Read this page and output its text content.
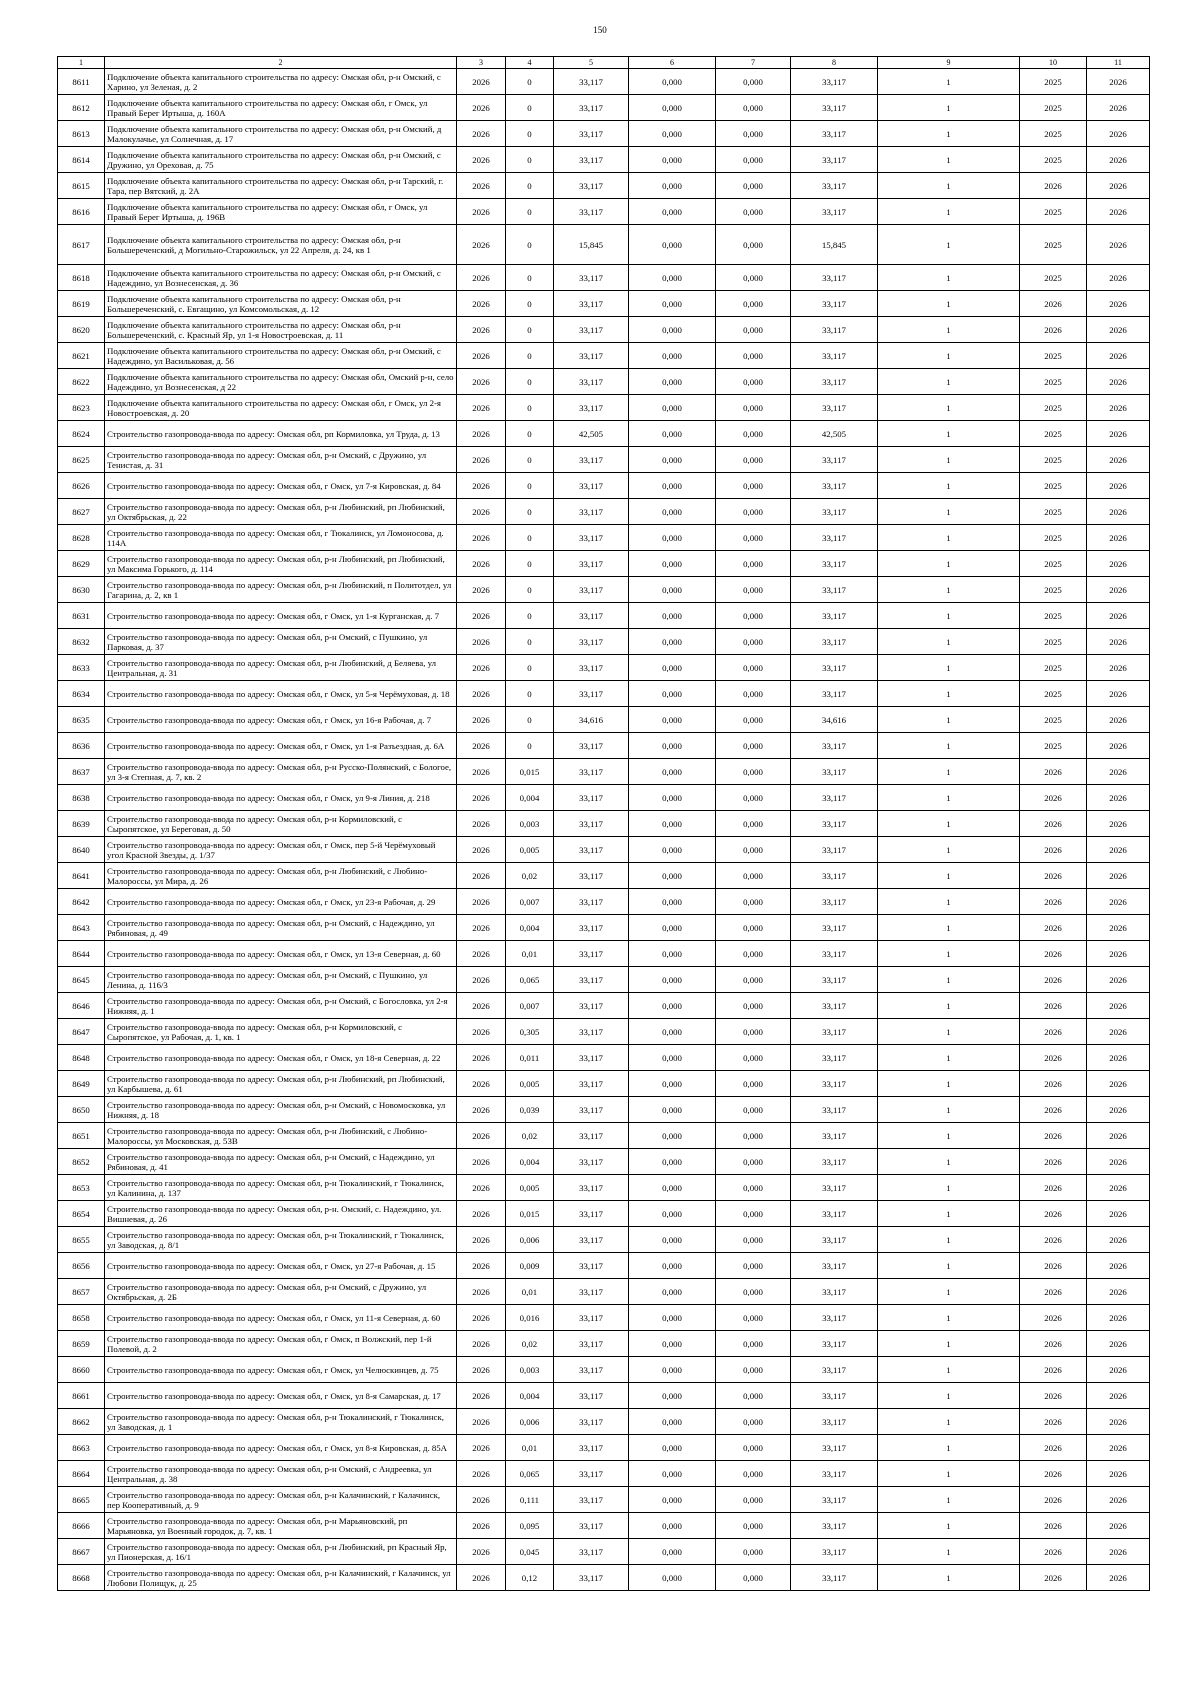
150
1	2	3	4	5	6	7	8	9	10	11
8611	Подключение объекта капитального строительства по адресу: Омская обл, р-н Омский, с Харино, ул Зеленая, д. 2	2026	0	33,117	0,000	0,000	33,117	1	2025	2026
8612	Подключение объекта капитального строительства по адресу: Омская обл, г Омск, ул Правый Берег Иртыша, д. 160А	2026	0	33,117	0,000	0,000	33,117	1	2025	2026
8613	Подключение объекта капитального строительства по адресу: Омская обл, р-н Омский, д Малокулачье, ул Солнечная, д. 17	2026	0	33,117	0,000	0,000	33,117	1	2025	2026
8614	Подключение объекта капитального строительства по адресу: Омская обл, р-н Омский, с Дружино, ул Ореховая, д. 75	2026	0	33,117	0,000	0,000	33,117	1	2025	2026
8615	Подключение объекта капитального строительства по адресу: Омская обл, р-н Тарский, г. Тара, пер Вятский, д. 2А	2026	0	33,117	0,000	0,000	33,117	1	2026	2026
8616	Подключение объекта капитального строительства по адресу: Омская обл, г Омск, ул Правый Берег Иртыша, д. 196В	2026	0	33,117	0,000	0,000	33,117	1	2025	2026
8617	Подключение объекта капитального строительства по адресу: Омская обл, р-н Большереченский, д Могильно-Старожильск, ул 22 Апреля, д. 24, кв 1	2026	0	15,845	0,000	0,000	15,845	1	2025	2026
8618	Подключение объекта капитального строительства по адресу: Омская обл, р-н Омский, с Надеждино, ул Вознесенская, д. 36	2026	0	33,117	0,000	0,000	33,117	1	2025	2026
8619	Подключение объекта капитального строительства по адресу: Омская обл, р-н Большереченский, с. Евгащино, ул Комсомольская, д. 12	2026	0	33,117	0,000	0,000	33,117	1	2026	2026
8620	Подключение объекта капитального строительства по адресу: Омская обл, р-н Большереченский, с. Красный Яр, ул 1-я Новостроевская, д. 11	2026	0	33,117	0,000	0,000	33,117	1	2026	2026
8621	Подключение объекта капитального строительства по адресу: Омская обл, р-н Омский, с Надеждино, ул Васильковая, д. 56	2026	0	33,117	0,000	0,000	33,117	1	2025	2026
8622	Подключение объекта капитального строительства по адресу: Омская обл, Омский р-н, село Надеждино, ул Вознесенская, д 22	2026	0	33,117	0,000	0,000	33,117	1	2025	2026
8623	Подключение объекта капитального строительства по адресу: Омская обл, г Омск, ул 2-я Новостроевская, д. 20	2026	0	33,117	0,000	0,000	33,117	1	2025	2026
8624	Строительство газопровода-ввода по адресу: Омская обл, рп Кормиловка, ул Труда, д. 13	2026	0	42,505	0,000	0,000	42,505	1	2025	2026
8625	Строительство газопровода-ввода по адресу: Омская обл, р-н Омский, с Дружино, ул Тенистая, д. 31	2026	0	33,117	0,000	0,000	33,117	1	2025	2026
8626	Строительство газопровода-ввода по адресу: Омская обл, г Омск, ул 7-я Кировская, д. 84	2026	0	33,117	0,000	0,000	33,117	1	2025	2026
8627	Строительство газопровода-ввода по адресу: Омская обл, р-н Любинский, рп Любинский, ул Октябрьская, д. 22	2026	0	33,117	0,000	0,000	33,117	1	2025	2026
8628	Строительство газопровода-ввода по адресу: Омская обл, г Тюкалинск, ул Ломоносова, д. 114А	2026	0	33,117	0,000	0,000	33,117	1	2025	2026
8629	Строительство газопровода-ввода по адресу: Омская обл, р-н Любинский, рп Любинский, ул Максима Горького, д. 114	2026	0	33,117	0,000	0,000	33,117	1	2025	2026
8630	Строительство газопровода-ввода по адресу: Омская обл, р-н Любинский, п Политотдел, ул Гагарина, д. 2, кв 1	2026	0	33,117	0,000	0,000	33,117	1	2025	2026
8631	Строительство газопровода-ввода по адресу: Омская обл, г Омск, ул 1-я Курганская, д. 7	2026	0	33,117	0,000	0,000	33,117	1	2025	2026
8632	Строительство газопровода-ввода по адресу: Омская обл, р-н Омский, с Пушкино, ул Парковая, д. 37	2026	0	33,117	0,000	0,000	33,117	1	2025	2026
8633	Строительство газопровода-ввода по адресу: Омская обл, р-н Любинский, д Беляева, ул Центральная, д. 31	2026	0	33,117	0,000	0,000	33,117	1	2025	2026
8634	Строительство газопровода-ввода по адресу: Омская обл, г Омск, ул 5-я Черёмуховая, д. 18	2026	0	33,117	0,000	0,000	33,117	1	2025	2026
8635	Строительство газопровода-ввода по адресу: Омская обл, г Омск, ул 16-я Рабочая, д. 7	2026	0	34,616	0,000	0,000	34,616	1	2025	2026
8636	Строительство газопровода-ввода по адресу: Омская обл, г Омск, ул 1-я Разъездная, д. 6А	2026	0	33,117	0,000	0,000	33,117	1	2025	2026
8637	Строительство газопровода-ввода по адресу: Омская обл, р-н Русско-Полянский, с Бологое, ул 3-я Степная, д. 7, кв. 2	2026	0,015	33,117	0,000	0,000	33,117	1	2026	2026
8638	Строительство газопровода-ввода по адресу: Омская обл, г Омск, ул 9-я Линия, д. 218	2026	0,004	33,117	0,000	0,000	33,117	1	2026	2026
8639	Строительство газопровода-ввода по адресу: Омская обл, р-н Кормиловский, с Сыропятское, ул Береговая, д. 50	2026	0,003	33,117	0,000	0,000	33,117	1	2026	2026
8640	Строительство газопровода-ввода по адресу: Омская обл, г Омск, пер 5-й Черёмуховый угол Красной Звезды, д. 1/37	2026	0,005	33,117	0,000	0,000	33,117	1	2026	2026
8641	Строительство газопровода-ввода по адресу: Омская обл, р-н Любинский, с Любино-Малороссы, ул Мира, д. 26	2026	0,02	33,117	0,000	0,000	33,117	1	2026	2026
8642	Строительство газопровода-ввода по адресу: Омская обл, г Омск, ул 23-я Рабочая, д. 29	2026	0,007	33,117	0,000	0,000	33,117	1	2026	2026
8643	Строительство газопровода-ввода по адресу: Омская обл, р-н Омский, с Надеждино, ул Рябиновая, д. 49	2026	0,004	33,117	0,000	0,000	33,117	1	2026	2026
8644	Строительство газопровода-ввода по адресу: Омская обл, г Омск, ул 13-я Северная, д. 60	2026	0,01	33,117	0,000	0,000	33,117	1	2026	2026
8645	Строительство газопровода-ввода по адресу: Омская обл, р-н Омский, с Пушкино, ул Ленина, д. 116/3	2026	0,065	33,117	0,000	0,000	33,117	1	2026	2026
8646	Строительство газопровода-ввода по адресу: Омская обл, р-н Омский, с Богословка, ул 2-я Нижняя, д. 1	2026	0,007	33,117	0,000	0,000	33,117	1	2026	2026
8647	Строительство газопровода-ввода по адресу: Омская обл, р-н Кормиловский, с Сыропятское, ул Рабочая, д. 1, кв. 1	2026	0,305	33,117	0,000	0,000	33,117	1	2026	2026
8648	Строительство газопровода-ввода по адресу: Омская обл, г Омск, ул 18-я Северная, д. 22	2026	0,011	33,117	0,000	0,000	33,117	1	2026	2026
8649	Строительство газопровода-ввода по адресу: Омская обл, р-н Любинский, рп Любинский, ул Карбышева, д. 61	2026	0,005	33,117	0,000	0,000	33,117	1	2026	2026
8650	Строительство газопровода-ввода по адресу: Омская обл, р-н Омский, с Новомосковка, ул Нижняя, д. 18	2026	0,039	33,117	0,000	0,000	33,117	1	2026	2026
8651	Строительство газопровода-ввода по адресу: Омская обл, р-н Любинский, с Любино-Малороссы, ул Московская, д. 53В	2026	0,02	33,117	0,000	0,000	33,117	1	2026	2026
8652	Строительство газопровода-ввода по адресу: Омская обл, р-н Омский, с Надеждино, ул Рябиновая, д. 41	2026	0,004	33,117	0,000	0,000	33,117	1	2026	2026
8653	Строительство газопровода-ввода по адресу: Омская обл, р-н Тюкалинский, г Тюкалинск, ул Калинина, д. 137	2026	0,005	33,117	0,000	0,000	33,117	1	2026	2026
8654	Строительство газопровода-ввода по адресу: Омская обл, р-н. Омский, с. Надеждино, ул. Вишневая, д. 26	2026	0,015	33,117	0,000	0,000	33,117	1	2026	2026
8655	Строительство газопровода-ввода по адресу: Омская обл, р-н Тюкалинский, г Тюкалинск, ул Заводская, д. 8/1	2026	0,006	33,117	0,000	0,000	33,117	1	2026	2026
8656	Строительство газопровода-ввода по адресу: Омская обл, г Омск, ул 27-я Рабочая, д. 15	2026	0,009	33,117	0,000	0,000	33,117	1	2026	2026
8657	Строительство газопровода-ввода по адресу: Омская обл, р-н Омский, с Дружино, ул Октябрьская, д. 2Б	2026	0,01	33,117	0,000	0,000	33,117	1	2026	2026
8658	Строительство газопровода-ввода по адресу: Омская обл, г Омск, ул 11-я Северная, д. 60	2026	0,016	33,117	0,000	0,000	33,117	1	2026	2026
8659	Строительство газопровода-ввода по адресу: Омская обл, г Омск, п Волжский, пер 1-й Полевой, д. 2	2026	0,02	33,117	0,000	0,000	33,117	1	2026	2026
8660	Строительство газопровода-ввода по адресу: Омская обл, г Омск, ул Челюскинцев, д. 75	2026	0,003	33,117	0,000	0,000	33,117	1	2026	2026
8661	Строительство газопровода-ввода по адресу: Омская обл, г Омск, ул 8-я Самарская, д. 17	2026	0,004	33,117	0,000	0,000	33,117	1	2026	2026
8662	Строительство газопровода-ввода по адресу: Омская обл, р-н Тюкалинский, г Тюкалинск, ул Заводская, д. 1	2026	0,006	33,117	0,000	0,000	33,117	1	2026	2026
8663	Строительство газопровода-ввода по адресу: Омская обл, г Омск, ул 8-я Кировская, д. 85А	2026	0,01	33,117	0,000	0,000	33,117	1	2026	2026
8664	Строительство газопровода-ввода по адресу: Омская обл, р-н Омский, с Андреевка, ул Центральная, д. 38	2026	0,065	33,117	0,000	0,000	33,117	1	2026	2026
8665	Строительство газопровода-ввода по адресу: Омская обл, р-н Калачинский, г Калачинск, пер Кооперативный, д. 9	2026	0,111	33,117	0,000	0,000	33,117	1	2026	2026
8666	Строительство газопровода-ввода по адресу: Омская обл, р-н Марьяновский, рп Марьяновка, ул Военный городок, д. 7, кв. 1	2026	0,095	33,117	0,000	0,000	33,117	1	2026	2026
8667	Строительство газопровода-ввода по адресу: Омская обл, р-н Любинский, рп Красный Яр, ул Пионерская, д. 16/1	2026	0,045	33,117	0,000	0,000	33,117	1	2026	2026
8668	Строительство газопровода-ввода по адресу: Омская обл, р-н Калачинский, г Калачинск, ул Любови Полищук, д. 25	2026	0,12	33,117	0,000	0,000	33,117	1	2026	2026
